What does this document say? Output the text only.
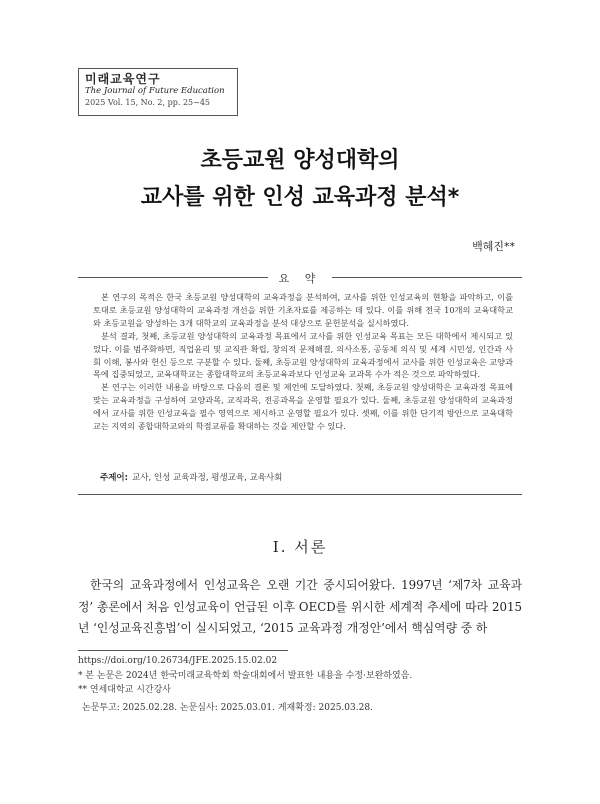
미래교육연구
The Journal of Future Education
2025 Vol. 15, No. 2, pp. 25~45
초등교원 양성대학의
교사를 위한 인성 교육과정 분석*
백혜진**
요 약

본 연구의 목적은 한국 초등교원 양성대학의 교육과정을 분석하여, 교사를 위한 인성교육의 현황을 파악하고, 이를 토대로 초등교원 양성대학의 교육과정 개선을 위한 기초자료를 제공하는 데 있다. 이를 위해 전국 10개의 교육대학교와 초등교원을 양성하는 3개 대학교의 교육과정을 분석 대상으로 문헌분석을 실시하였다.

분석 결과, 첫째, 초등교원 양성대학의 교육과정 목표에서 교사를 위한 인성교육 목표는 모든 대학에서 제시되고 있었다. 이를 범주화하면, 직업윤리 및 교직관 확립, 창의적 문제해결, 의사소통, 공동체 의식 및 세계 시민성, 인간과 사회 이해, 봉사와 헌신 등으로 구분할 수 있다. 둘째, 초등교원 양성대학의 교육과정에서 교사를 위한 인성교육은 교양과목에 집중되었고, 교육대학교는 종합대학교의 초등교육과보다 인성교육 교과목 수가 적은 것으로 파악하였다.

본 연구는 이러한 내용을 바탕으로 다음의 결론 및 제언에 도달하였다. 첫째, 초등교원 양성대학은 교육과정 목표에 맞는 교육과정을 구성하여 교양과목, 교직과목, 전공과목을 운영할 필요가 있다. 둘째, 초등교원 양성대학의 교육과정에서 교사를 위한 인성교육을 필수 영역으로 제시하고 운영할 필요가 있다. 셋째, 이를 위한 단기적 방안으로 교육대학교는 지역의 종합대학교와의 학점교류를 확대하는 것을 제안할 수 있다.

주제어: 교사, 인성 교육과정, 평생교육, 교육사회
Ⅰ. 서론
한국의 교육과정에서 인성교육은 오랜 기간 중시되어왔다. 1997년 ‘제7차 교육과정’ 총론에서 처음 인성교육이 언급된 이후 OECD를 위시한 세계적 추세에 따라 2015년 ‘인성교육진흥법’이 실시되었고, ‘2015 교육과정 개정안’에서 핵심역량 중 하
https://doi.org/10.26734/JFE.2025.15.02.02
* 본 논문은 2024년 한국미래교육학회 학술대회에서 발표한 내용을 수정·보완하였음.
** 연세대학교 시간강사
논문투고: 2025.02.28. 논문심사: 2025.03.01. 게재확정: 2025.03.28.
